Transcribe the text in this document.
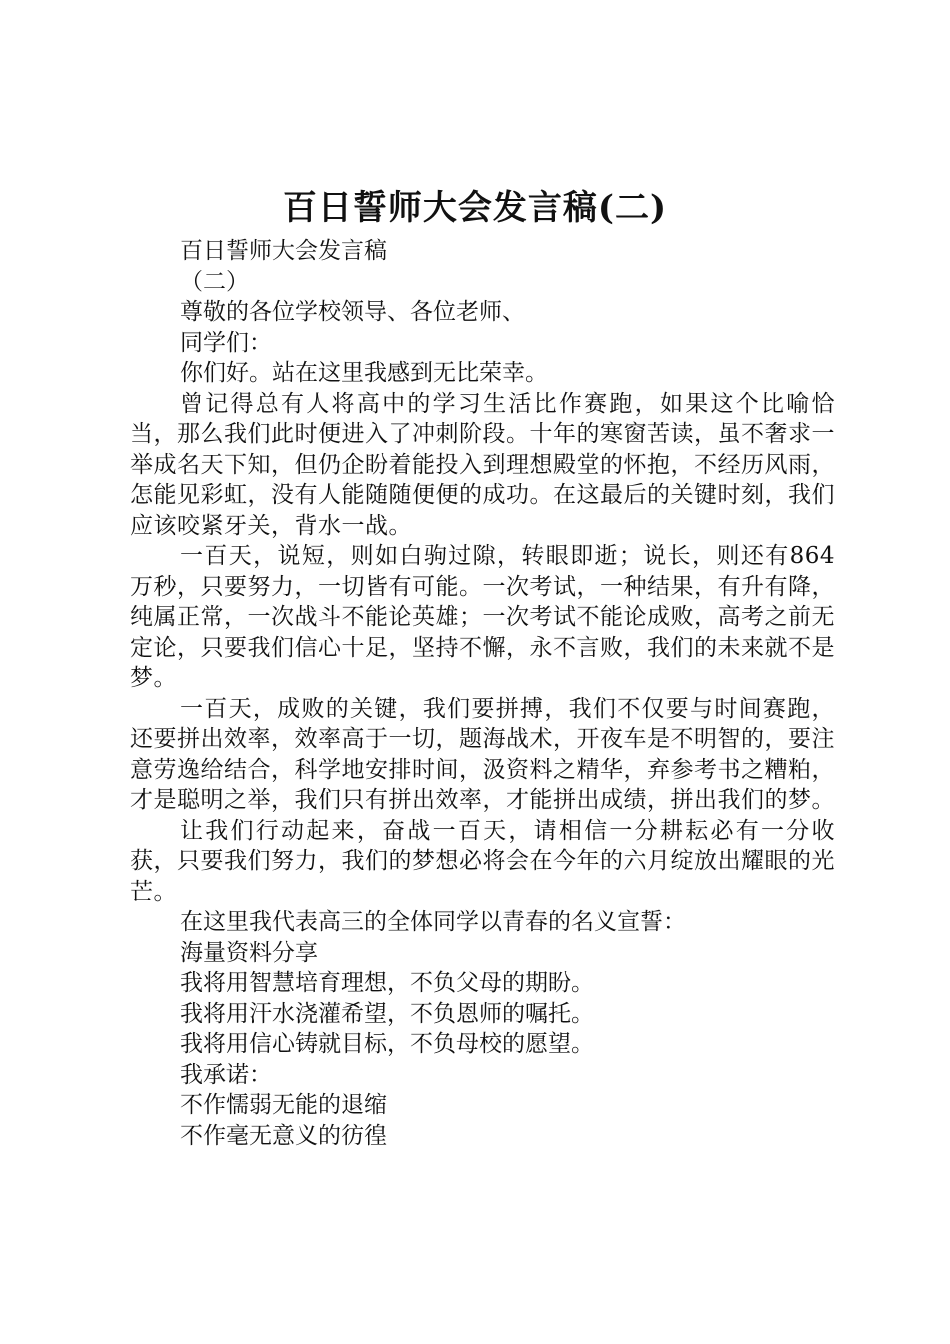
百日誓师大会发言稿(二)

百日誓师大会发言稿

（二）

尊敬的各位学校领导、各位老师、

同学们：

你们好。站在这里我感到无比荣幸。

曾记得总有人将高中的学习生活比作赛跑，如果这个比喻恰当，那么我们此时便进入了冲刺阶段。十年的寒窗苦读，虽不奢求一举成名天下知，但仍企盼着能投入到理想殿堂的怀抱，不经历风雨，怎能见彩虹，没有人能随随便便的成功。在这最后的关键时刻，我们应该咬紧牙关，背水一战。

一百天，说短，则如白驹过隙，转眼即逝；说长，则还有864万秒，只要努力，一切皆有可能。一次考试，一种结果，有升有降，纯属正常，一次战斗不能论英雄；一次考试不能论成败，高考之前无定论，只要我们信心十足，坚持不懈，永不言败，我们的未来就不是梦。

一百天，成败的关键，我们要拼搏，我们不仅要与时间赛跑，还要拼出效率，效率高于一切，题海战术，开夜车是不明智的，要注意劳逸给结合，科学地安排时间，汲资料之精华，弃参考书之糟粕，才是聪明之举，我们只有拼出效率，才能拼出成绩，拼出我们的梦。

让我们行动起来，奋战一百天，请相信一分耕耘必有一分收获，只要我们努力，我们的梦想必将会在今年的六月绽放出耀眼的光芒。

在这里我代表高三的全体同学以青春的名义宣誓：

海量资料分享

我将用智慧培育理想，不负父母的期盼。

我将用汗水浇灌希望，不负恩师的嘱托。

我将用信心铸就目标，不负母校的愿望。

我承诺：

不作懦弱无能的退缩

不作毫无意义的彷徨
